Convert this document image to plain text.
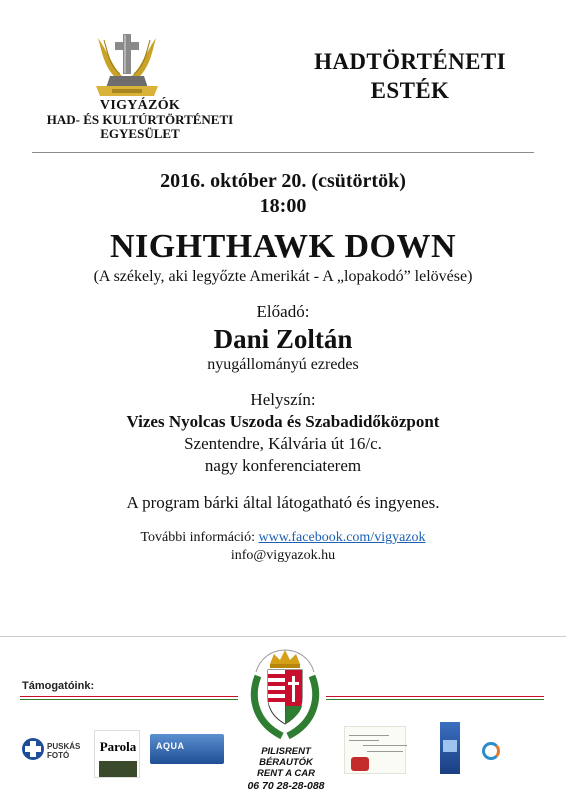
VIGYÁZÓK
HAD- ÉS KULTÚRTÖRTÉNETI
EGYESÜLET
HADTÖRTÉNETI
ESTÉK
2016. október 20. (csütörtök)
18:00
NIGHTHAWK DOWN
(A székely, aki legyőzte Amerikát - A „lopakodó” lelövése)
Előadó:
Dani Zoltán
nyugállományú ezredes
Helyszín:
Vizes Nyolcas Uszoda és Szabadidőközpont
Szentendre, Kálvária út 16/c.
nagy konferenciaterem
A program bárki által látogatható és ingyenes.
További információ: www.facebook.com/vigyazok
info@vigyazok.hu
Támogatóink:
PILISRENT BÉRAUTÓK
RENT A CAR
06 70 28-28-088
PUSKÁS
FOTÓ
Parola	AQUA
